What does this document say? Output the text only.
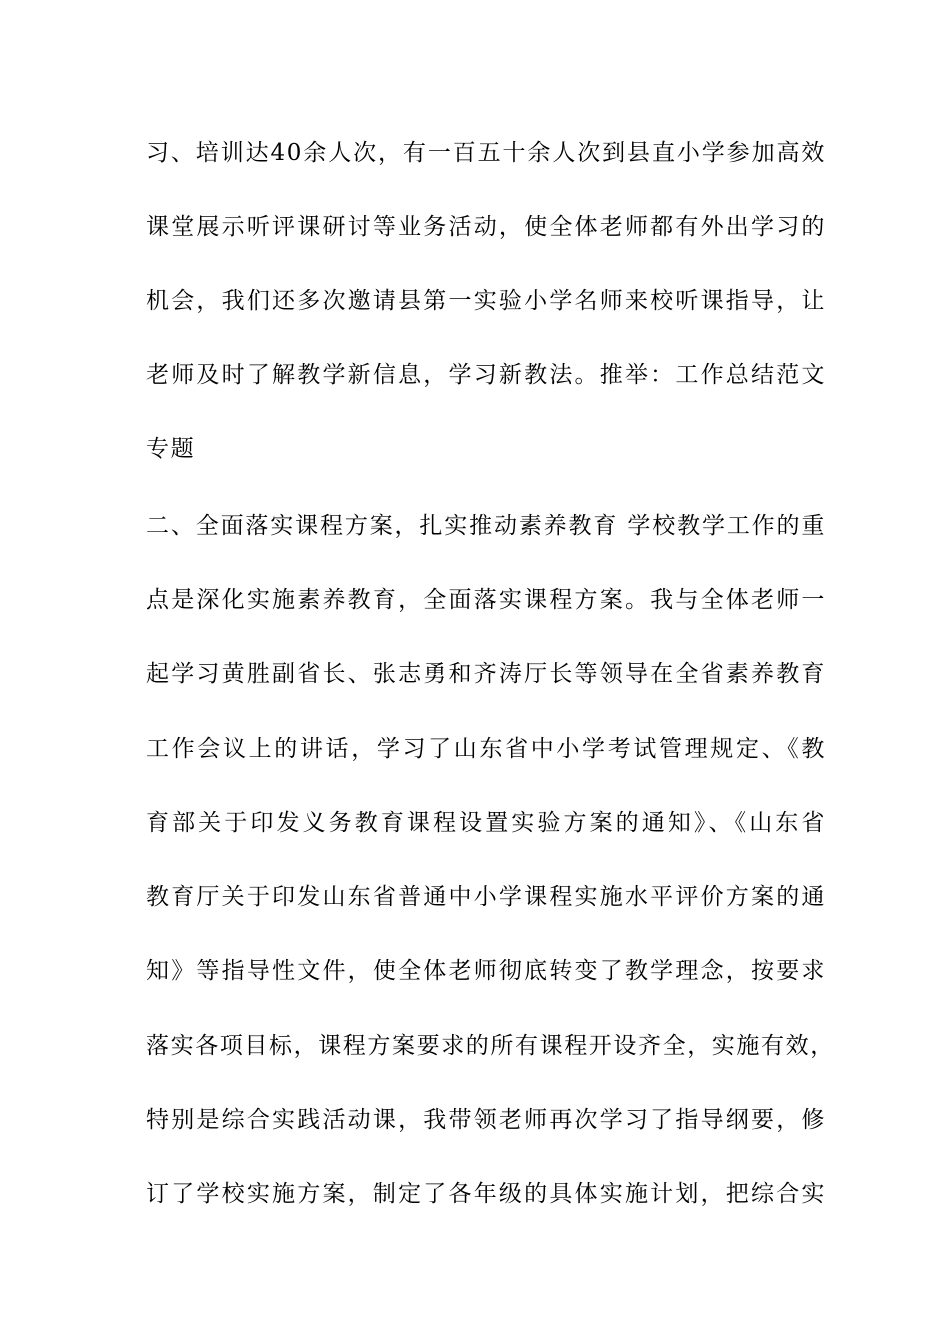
习、培训达40余人次，有一百五十余人次到县直小学参加高效
课堂展示听评课研讨等业务活动，使全体老师都有外出学习的
机会，我们还多次邀请县第一实验小学名师来校听课指导，让
老师及时了解教学新信息，学习新教法。推举：工作总结范文
专题
二、全面落实课程方案，扎实推动素养教育 学校教学工作的重
点是深化实施素养教育，全面落实课程方案。我与全体老师一
起学习黄胜副省长、张志勇和齐涛厅长等领导在全省素养教育
工作会议上的讲话，学习了山东省中小学考试管理规定、《教
育部关于印发义务教育课程设置实验方案的通知》、《山东省
教育厅关于印发山东省普通中小学课程实施水平评价方案的通
知》等指导性文件，使全体老师彻底转变了教学理念，按要求
落实各项目标，课程方案要求的所有课程开设齐全，实施有效，
特别是综合实践活动课，我带领老师再次学习了指导纲要，修
订了学校实施方案，制定了各年级的具体实施计划，把综合实
